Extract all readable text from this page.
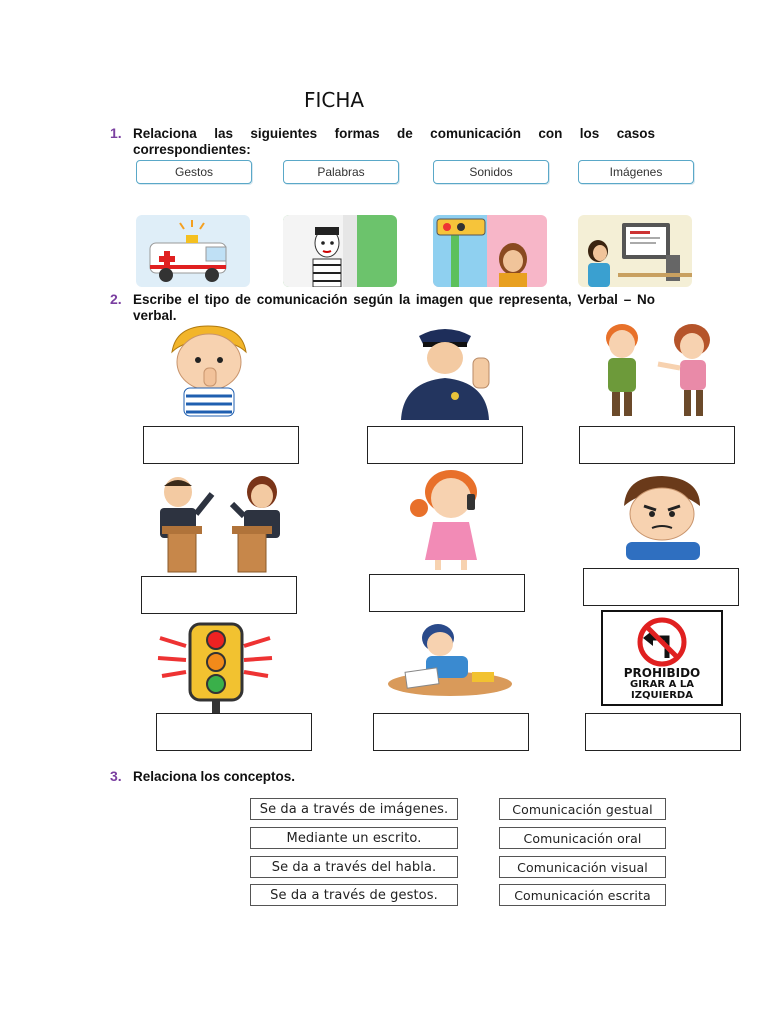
FICHA
1. Relaciona las siguientes formas de comunicación con los casos correspondientes:
Gestos	Palabras	Sonidos	Imágenes
2. Escribe el tipo de comunicación según la imagen que representa, Verbal – No verbal.
PROHIBIDO
GIRAR A LA
IZQUIERDA
3. Relaciona los conceptos.
Se da a través de imágenes.
Mediante un escrito.
Se da a través del habla.
Se da a través de gestos.
Comunicación gestual
Comunicación oral
Comunicación visual
Comunicación escrita
